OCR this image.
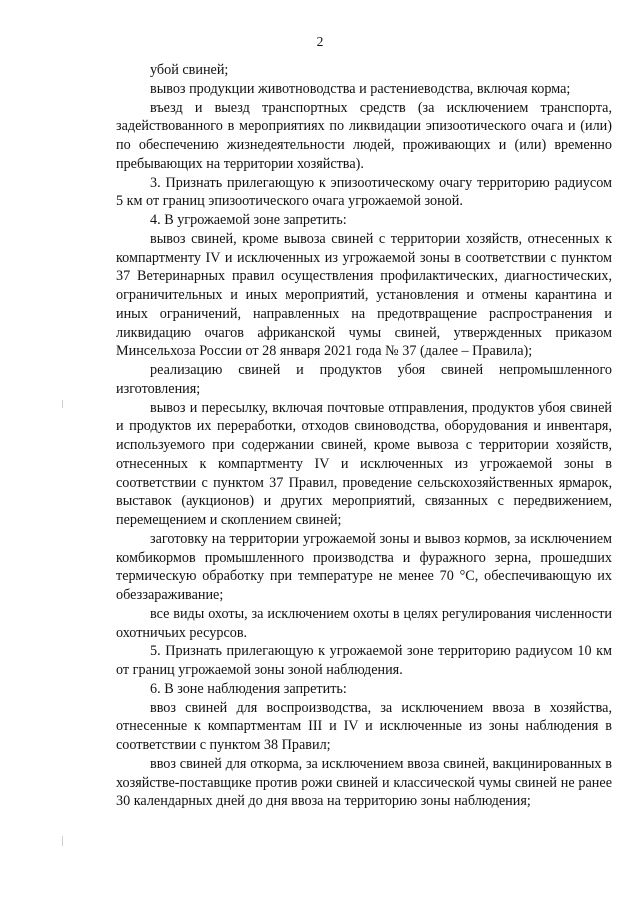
2

убой свиней;

вывоз продукции животноводства и растениеводства, включая корма;

въезд и выезд транспортных средств (за исключением транспорта, задействованного в мероприятиях по ликвидации эпизоотического очага и (или) по обеспечению жизнедеятельности людей, проживающих и (или) временно пребывающих на территории хозяйства).

3. Признать прилегающую к эпизоотическому очагу территорию радиусом 5 км от границ эпизоотического очага угрожаемой зоной.

4. В угрожаемой зоне запретить:

вывоз свиней, кроме вывоза свиней с территории хозяйств, отнесенных к компартменту IV и исключенных из угрожаемой зоны в соответствии с пунктом 37 Ветеринарных правил осуществления профилактических, диагностических, ограничительных и иных мероприятий, установления и отмены карантина и иных ограничений, направленных на предотвращение распространения и ликвидацию очагов африканской чумы свиней, утвержденных приказом Минсельхоза России от 28 января 2021 года № 37 (далее – Правила);

реализацию свиней и продуктов убоя свиней непромышленного изготовления;

вывоз и пересылку, включая почтовые отправления, продуктов убоя свиней и продуктов их переработки, отходов свиноводства, оборудования и инвентаря, используемого при содержании свиней, кроме вывоза с территории хозяйств, отнесенных к компартменту IV и исключенных из угрожаемой зоны в соответствии с пунктом 37 Правил, проведение сельскохозяйственных ярмарок, выставок (аукционов) и других мероприятий, связанных с передвижением, перемещением и скоплением свиней;

заготовку на территории угрожаемой зоны и вывоз кормов, за исключением комбикормов промышленного производства и фуражного зерна, прошедших термическую обработку при температуре не менее 70 °С, обеспечивающую их обеззараживание;

все виды охоты, за исключением охоты в целях регулирования численности охотничьих ресурсов.

5. Признать прилегающую к угрожаемой зоне территорию радиусом 10 км от границ угрожаемой зоны зоной наблюдения.

6. В зоне наблюдения запретить:

ввоз свиней для воспроизводства, за исключением ввоза в хозяйства, отнесенные к компартментам III и IV и исключенные из зоны наблюдения в соответствии с пунктом 38 Правил;

ввоз свиней для откорма, за исключением ввоза свиней, вакцинированных в хозяйстве-поставщике против рожи свиней и классической чумы свиней не ранее 30 календарных дней до дня ввоза на территорию зоны наблюдения;
